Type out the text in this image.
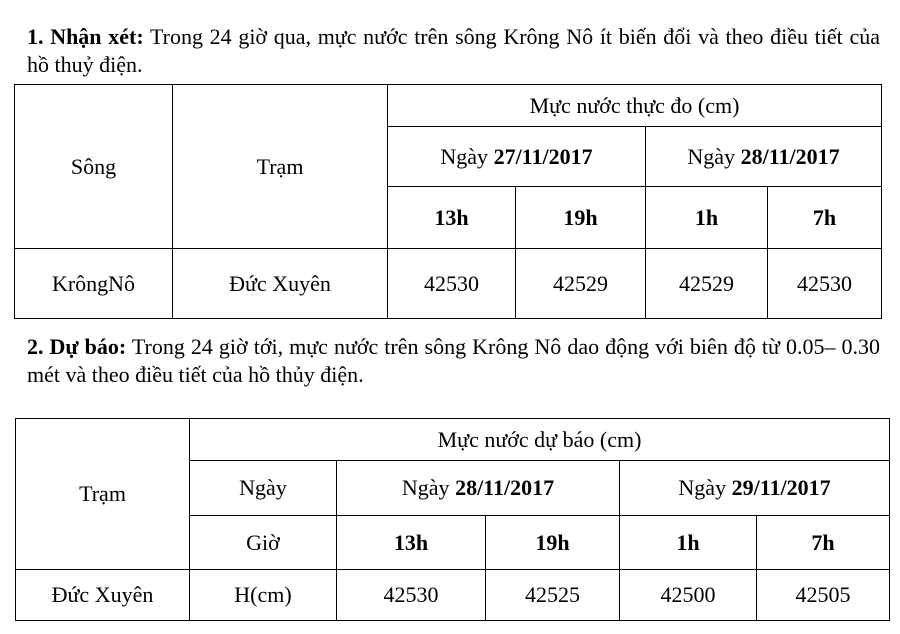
1. Nhận xét: Trong 24 giờ qua, mực nước trên sông Krông Nô ít biến đổi và theo điều tiết của hồ thuỷ điện.
Sông	Trạm	Mực nước thực đo (cm)			
		Ngày 27/11/2017		Ngày 28/11/2017	
		13h	19h	1h	7h
KrôngNô	Đức Xuyên	42530	42529	42529	42530
2. Dự báo: Trong 24 giờ tới, mực nước trên sông Krông Nô dao động với biên độ từ 0.05– 0.30 mét và theo điều tiết của hồ thủy điện.
Trạm	Mực nước dự báo (cm)				
	Ngày	Ngày 28/11/2017		Ngày 29/11/2017	
	Giờ	13h	19h	1h	7h
Đức Xuyên	H(cm)	42530	42525	42500	42505
